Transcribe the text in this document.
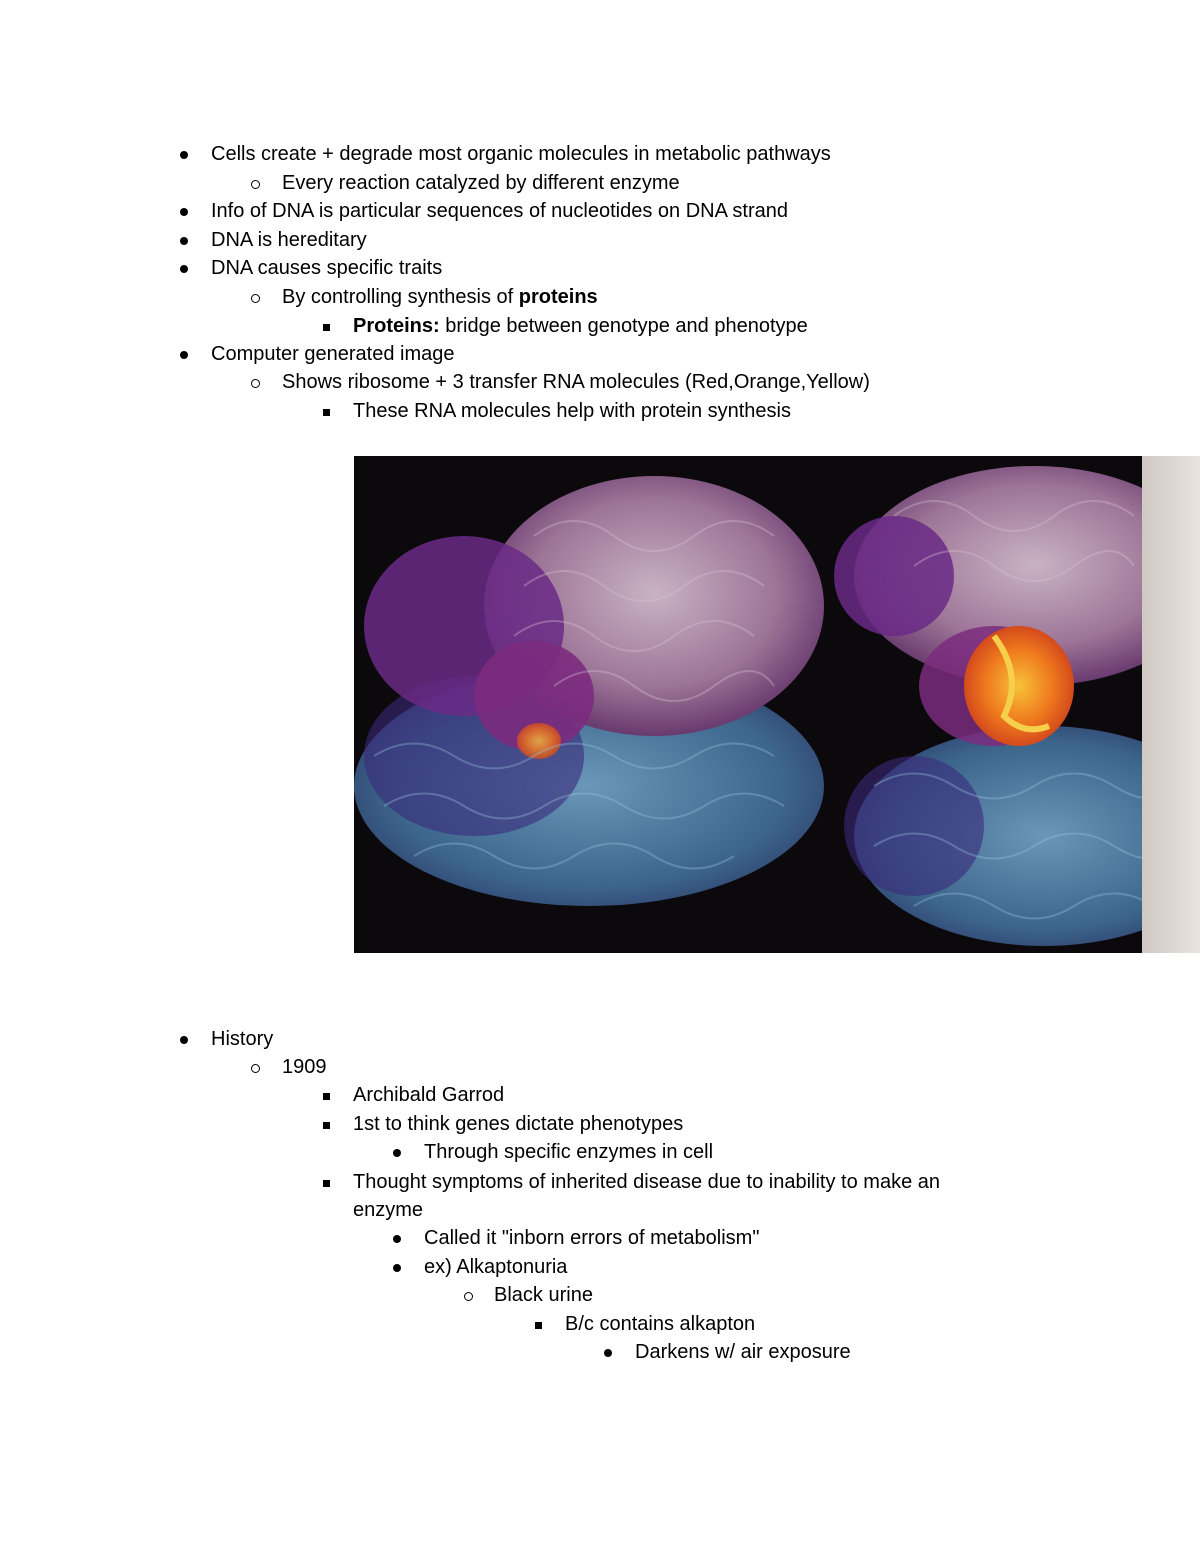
Cells create + degrade most organic molecules in metabolic pathways
Every reaction catalyzed by different enzyme
Info of DNA is particular sequences of nucleotides on DNA strand
DNA is hereditary
DNA causes specific traits
By controlling synthesis of proteins
Proteins: bridge between genotype and phenotype
Computer generated image
Shows ribosome + 3 transfer RNA molecules (Red,Orange,Yellow)
These RNA molecules help with protein synthesis
History
1909
Archibald Garrod
1st to think genes dictate phenotypes
Through specific enzymes in cell
Thought symptoms of inherited disease due to inability to make an
enzyme
Called it "inborn errors of metabolism"
ex) Alkaptonuria
Black urine
B/c contains alkapton
Darkens w/ air exposure
